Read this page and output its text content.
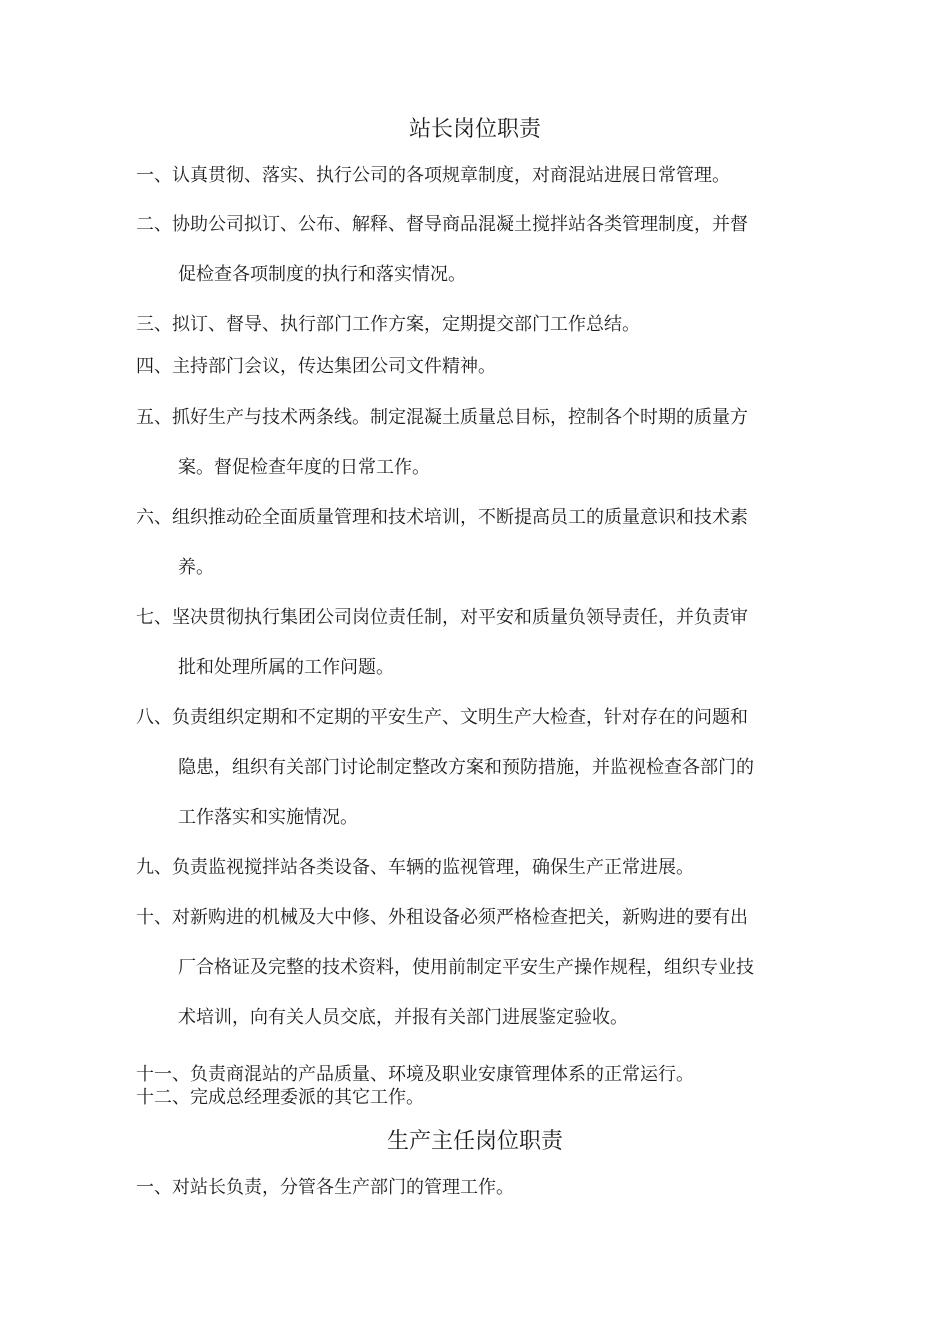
站长岗位职责

一、认真贯彻、落实、执行公司的各项规章制度，对商混站进展日常管理。

二、协助公司拟订、公布、解释、督导商品混凝土搅拌站各类管理制度，并督

促检查各项制度的执行和落实情况。

三、拟订、督导、执行部门工作方案，定期提交部门工作总结。

四、主持部门会议，传达集团公司文件精神。

五、抓好生产与技术两条线。制定混凝土质量总目标，控制各个时期的质量方

案。督促检查年度的日常工作。

六、组织推动砼全面质量管理和技术培训，不断提高员工的质量意识和技术素

养。

七、坚决贯彻执行集团公司岗位责任制，对平安和质量负领导责任，并负责审

批和处理所属的工作问题。

八、负责组织定期和不定期的平安生产、文明生产大检查，针对存在的问题和

隐患，组织有关部门讨论制定整改方案和预防措施，并监视检查各部门的

工作落实和实施情况。

九、负责监视搅拌站各类设备、车辆的监视管理，确保生产正常进展。

十、对新购进的机械及大中修、外租设备必须严格检查把关，新购进的要有出

厂合格证及完整的技术资料，使用前制定平安生产操作规程，组织专业技

术培训，向有关人员交底，并报有关部门进展鉴定验收。

十一、负责商混站的产品质量、环境及职业安康管理体系的正常运行。

十二、完成总经理委派的其它工作。

生产主任岗位职责

一、对站长负责，分管各生产部门的管理工作。
